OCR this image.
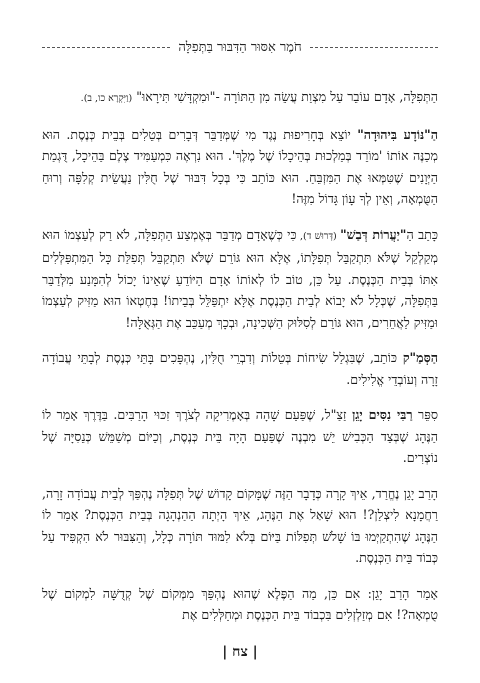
חֹמֶר אִסּוּר הַדִּבּוּר בַּתְּפִלָּה

הַתְּפִלָּה, אָדָם עוֹבֵר עַל מִצְוַת עֲשֵׂה מִן הַתּוֹרָה -"וּמִקְדָּשִׁי תִּירָאוּ" (וַיִּקְרָא כו, ב).

הַ"נּוֹדָע בִּיהוּדָה" יוֹצֵא בְּחָרִיפוּת נֶגֶד מִי שֶׁמְּדַבֵּר דְּבָרִים בְּטֵלִים בְּבֵית כְּנֶסֶת. הוּא מְכַנֶּה אוֹתוֹ 'מוֹרֵד בְּמַלְכוּת בְּהֵיכָלוֹ שֶׁל מֶלֶךְ'. הוּא נִרְאֶה כִּמְעַמִּיד צֶלֶם בַּהֵיכָל, דֻּגְמַת הַיְּוָנִים שֶׁטִּמְּאוּ אֶת הַמִּזְבֵּחַ. הוּא כּוֹתֵב כִּי בְּכָל דִּבּוּר שֶׁל חֻלִּין נַעֲשֵׂית קְלִפָּה וְרוּחַ הַטֻּמְאָה, וְאֵין לְךָ עָוֹן גָּדוֹל מִזֶּה!

כָּתַב הַ"יַעֲרוֹת דְּבַשׁ" (דְּרוּשׁ ד), כִּי כְּשֶׁאָדָם מְדַבֵּר בְּאֶמְצַע הַתְּפִלָּה, לֹא רַק לְעַצְמוֹ הוּא מְקַלְקֵל שֶׁלֹּא תִּתְקַבֵּל תְּפִלָּתוֹ, אֶלָּא הוּא גּוֹרֵם שֶׁלֹּא תִּתְקַבֵּל תְּפִלַּת כָּל הַמִּתְפַּלְּלִים אִתּוֹ בְּבֵית הַכְּנֶסֶת. עַל כֵּן, טוֹב לוֹ לְאוֹתוֹ אָדָם הַיּוֹדֵעַ שֶׁאֵינוֹ יָכוֹל לְהִמָּנַע מִלְּדַבֵּר בַּתְּפִלָּה, שֶׁכְּלָל לֹא יָבוֹא לְבֵית הַכְּנֶסֶת אֶלָּא יִתְפַּלֵּל בְּבֵיתוֹ! בְּחֶטְאוֹ הוּא מַזִּיק לְעַצְמוֹ וּמַזִּיק לַאֲחֵרִים, הוּא גּוֹרֵם לְסִלּוּק הַשְּׁכִינָה, וּבְכָךְ מְעַכֵּב אֶת הַגְּאֻלָּה!

הַסְּמַ"ק כּוֹתֵב, שֶׁבִּגְלַל שִׂיחוֹת בְּטֵלוֹת וְדִבְרֵי חֻלִּין, נֶהְפָּכִים בָּתֵּי כְּנֶסֶת לְבָתֵּי עֲבוֹדָה זָרָה וְעוֹבְדֵי אֱלִילִים.

סִפֵּר רַבִּי נִסִּים יָגֵן זַצַ"ל, שֶׁפַּעַם שָׁהָה בְּאָמֶרִיקָה לְצֹרֶךְ זִכּוּי הָרַבִּים. בַּדֶּרֶךְ אָמַר לוֹ הַנֶּהָג שֶׁבְּצַד הַכְּבִישׁ יֵשׁ מִבְנֶה שֶׁפַּעַם הָיָה בֵּית כְּנֶסֶת, וְכַיּוֹם מְשַׁמֵּשׁ כְּנֵסִיָּה שֶׁל נוֹצְרִים.

הָרַב יָגֵן נֶחֱרַד, אֵיךְ קָרָה כְּדָבָר הַזֶּה שֶׁמָּקוֹם קָדוֹשׁ שֶׁל תְּפִלָּה נֶהְפַּךְ לְבֵית עֲבוֹדָה זָרָה, רַחֲמָנָא לִיצְלַן?! הוּא שָׁאַל אֶת הַנֶּהָג, אֵיךְ הָיְתָה הַהַנְהָגָה בְּבֵית הַכְּנֶסֶת? אָמַר לוֹ הַנֶּהָג שֶׁהִתְקַיְּמוּ בּוֹ שָׁלֹשׁ תְּפִלּוֹת בַּיּוֹם בְּלֹא לִמּוּד תּוֹרָה כְּלָל, וְהַצִּבּוּר לֹא הִקְפִּיד עַל כְּבוֹד בֵּית הַכְּנֶסֶת.

אָמַר הָרַב יָגֵן: אִם כֵּן, מַה הַפֶּלֶא שֶׁהוּא נֶהְפַּךְ מִמְּקוֹם שֶׁל קְדֻשָּׁה לִמְקוֹם שֶׁל טֻמְאָה?! אִם מְזַלְזְלִים בִּכְבוֹד בֵּית הַכְּנֶסֶת וּמְחַלְּלִים אֶת

| צח |
